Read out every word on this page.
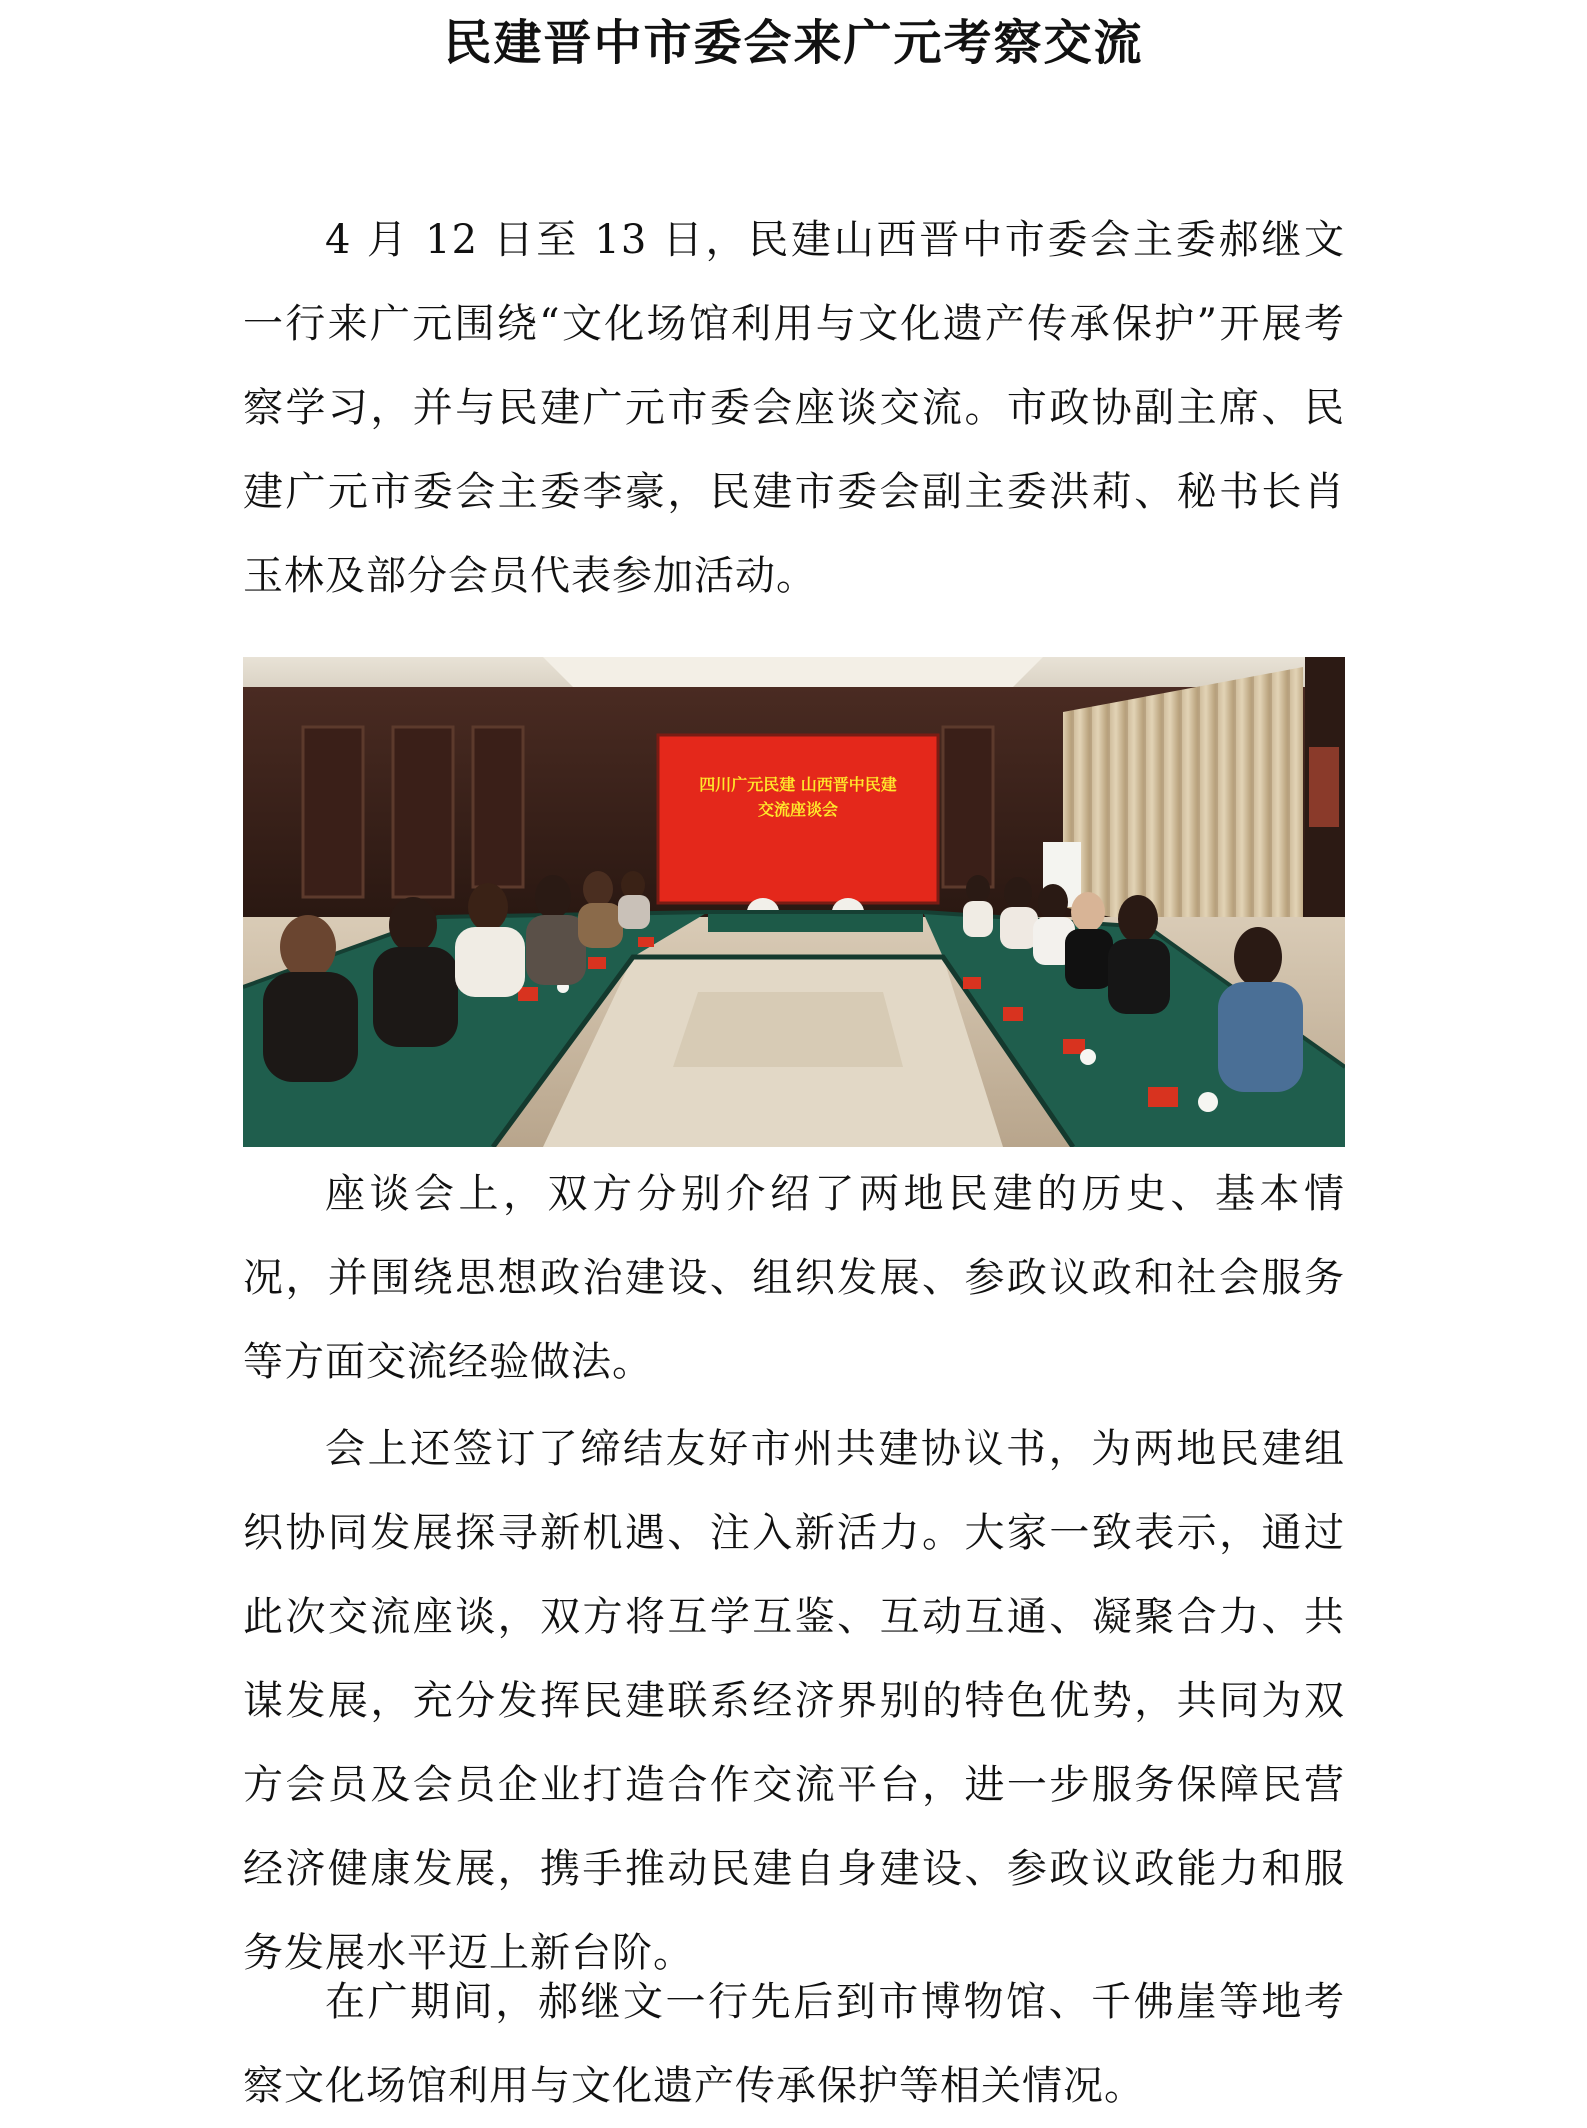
民建晋中市委会来广元考察交流

4 月 12 日至 13 日，民建山西晋中市委会主委郝继文一行来广元围绕“文化场馆利用与文化遗产传承保护”开展考察学习，并与民建广元市委会座谈交流。市政协副主席、民建广元市委会主委李豪，民建市委会副主委洪莉、秘书长肖玉林及部分会员代表参加活动。

四川广元民建 山西晋中民建
交流座谈会

座谈会上，双方分别介绍了两地民建的历史、基本情况，并围绕思想政治建设、组织发展、参政议政和社会服务等方面交流经验做法。

会上还签订了缔结友好市州共建协议书，为两地民建组织协同发展探寻新机遇、注入新活力。大家一致表示，通过此次交流座谈，双方将互学互鉴、互动互通、凝聚合力、共谋发展，充分发挥民建联系经济界别的特色优势，共同为双方会员及会员企业打造合作交流平台，进一步服务保障民营经济健康发展，携手推动民建自身建设、参政议政能力和服务发展水平迈上新台阶。

在广期间，郝继文一行先后到市博物馆、千佛崖等地考察文化场馆利用与文化遗产传承保护等相关情况。
